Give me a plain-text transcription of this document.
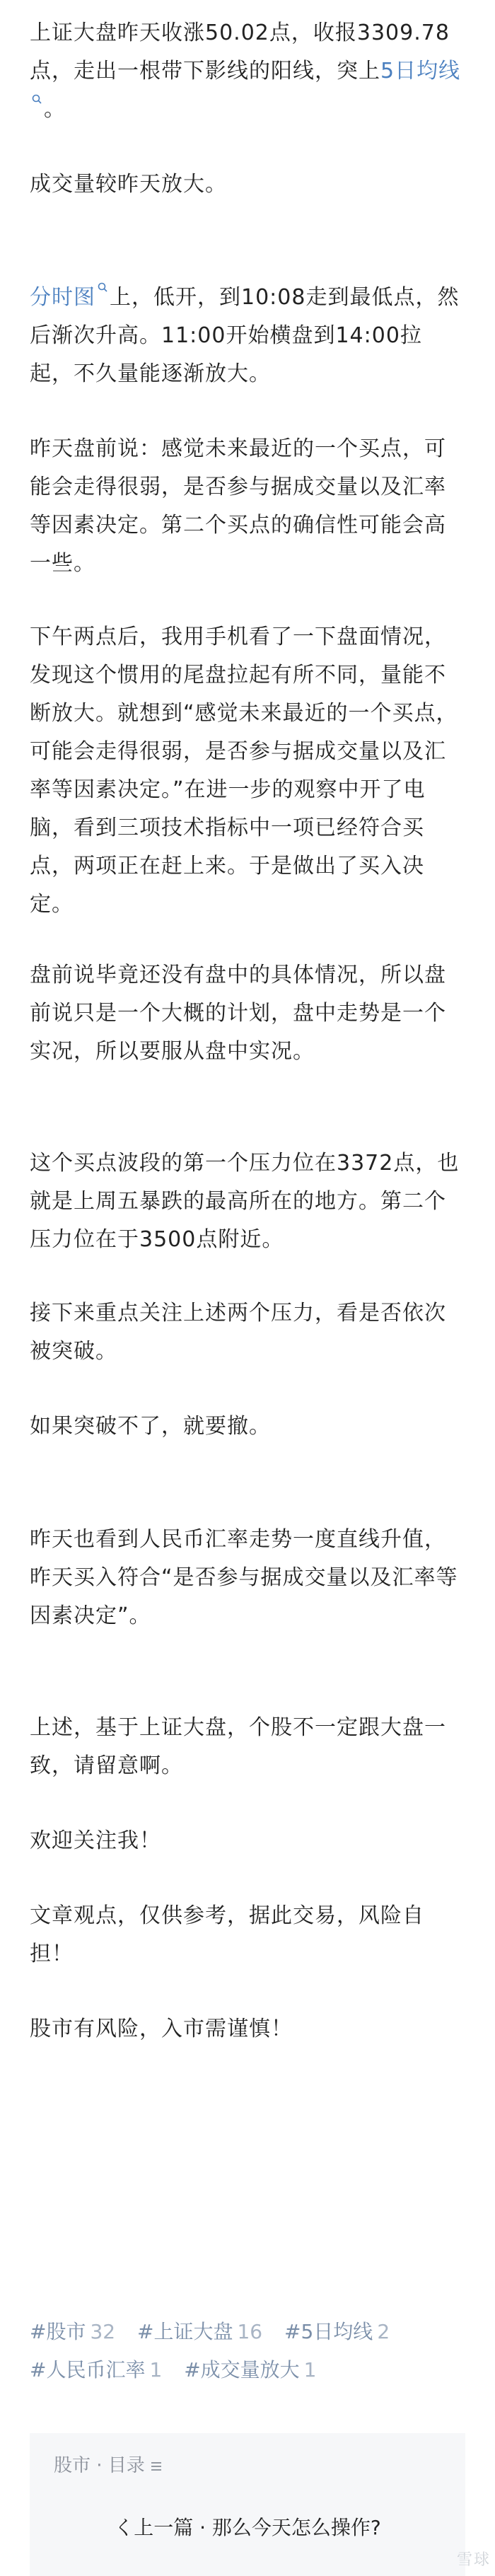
上证大盘昨天收涨50.02点，收报3309.78点，走出一根带下影线的阳线，突上5日均线。
成交量较昨天放大。
分时图 上，低开，到10:08走到最低点，然后渐次升高。11:00开始横盘到14:00拉起，不久量能逐渐放大。
昨天盘前说：感觉未来最近的一个买点，可能会走得很弱，是否参与据成交量以及汇率等因素决定。第二个买点的确信性可能会高一些。
下午两点后，我用手机看了一下盘面情况，发现这个惯用的尾盘拉起有所不同，量能不断放大。就想到“感觉未来最近的一个买点，可能会走得很弱，是否参与据成交量以及汇率等因素决定。”在进一步的观察中开了电脑，看到三项技术指标中一项已经符合买点，两项正在赶上来。于是做出了买入决定。
盘前说毕竟还没有盘中的具体情况，所以盘前说只是一个大概的计划，盘中走势是一个实况，所以要服从盘中实况。
这个买点波段的第一个压力位在3372点，也就是上周五暴跌的最高所在的地方。第二个压力位在于3500点附近。
接下来重点关注上述两个压力，看是否依次被突破。
如果突破不了，就要撤。
昨天也看到人民币汇率走势一度直线升值，昨天买入符合“是否参与据成交量以及汇率等因素决定”。
上述，基于上证大盘，个股不一定跟大盘一致，请留意啊。
欢迎关注我！
文章观点，仅供参考，据此交易，风险自担！
股市有风险，入市需谨慎！
#股市 32 #上证大盘 16 #5日均线 2
#人民币汇率 1 #成交量放大 1
股市 · 目录
く上一篇 · 那么今天怎么操作?
雪球
